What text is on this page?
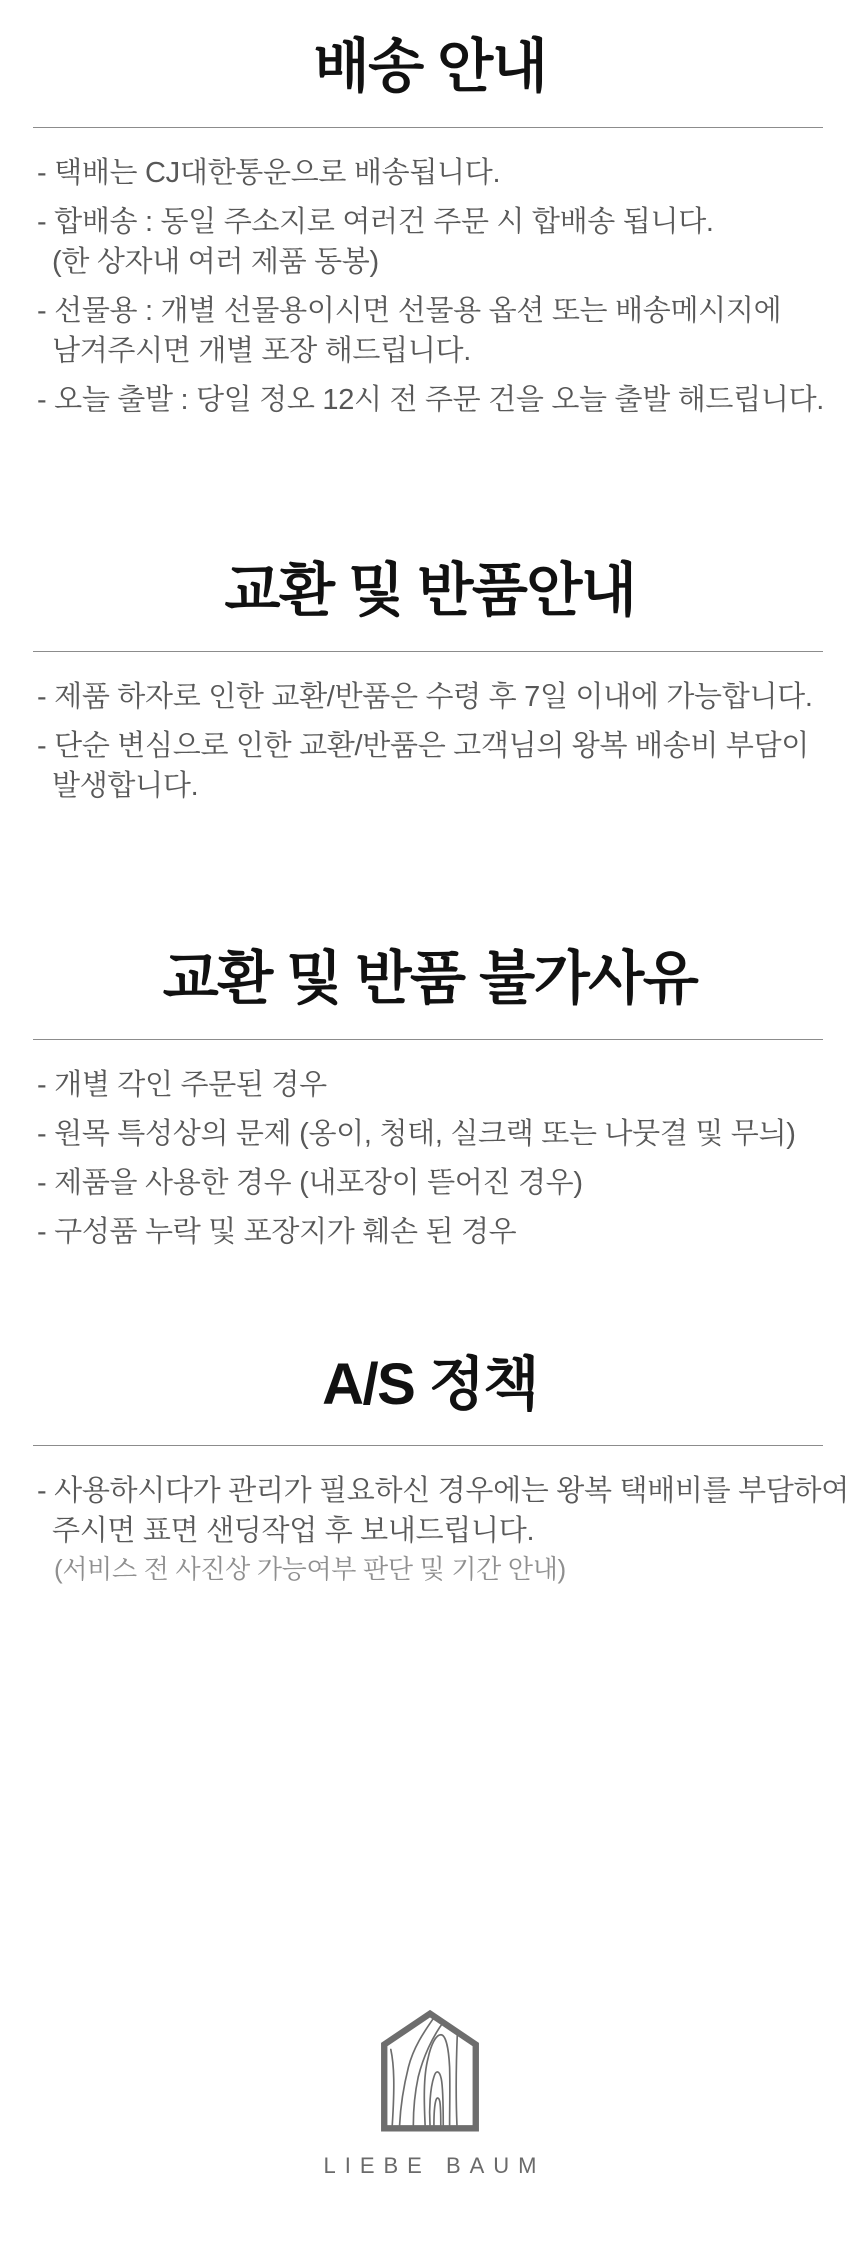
배송 안내
- 택배는 CJ대한통운으로 배송됩니다.
- 합배송 : 동일 주소지로 여러건 주문 시 합배송 됩니다.
(한 상자내 여러 제품 동봉)
- 선물용 : 개별 선물용이시면 선물용 옵션 또는 배송메시지에
남겨주시면 개별 포장 해드립니다.
- 오늘 출발 : 당일 정오 12시 전 주문 건을 오늘 출발 해드립니다.
교환 및 반품안내
- 제품 하자로 인한 교환/반품은 수령 후 7일 이내에 가능합니다.
- 단순 변심으로 인한 교환/반품은 고객님의 왕복 배송비 부담이
발생합니다.
교환 및 반품 불가사유
- 개별 각인 주문된 경우
- 원목 특성상의 문제 (옹이, 청태, 실크랙 또는 나뭇결 및 무늬)
- 제품을 사용한 경우 (내포장이 뜯어진 경우)
- 구성품 누락 및 포장지가 훼손 된 경우
A/S 정책
- 사용하시다가 관리가 필요하신 경우에는 왕복 택배비를 부담하여
주시면 표면 샌딩작업 후 보내드립니다.
(서비스 전 사진상 가능여부 판단 및 기간 안내)
LIEBE BAUM
